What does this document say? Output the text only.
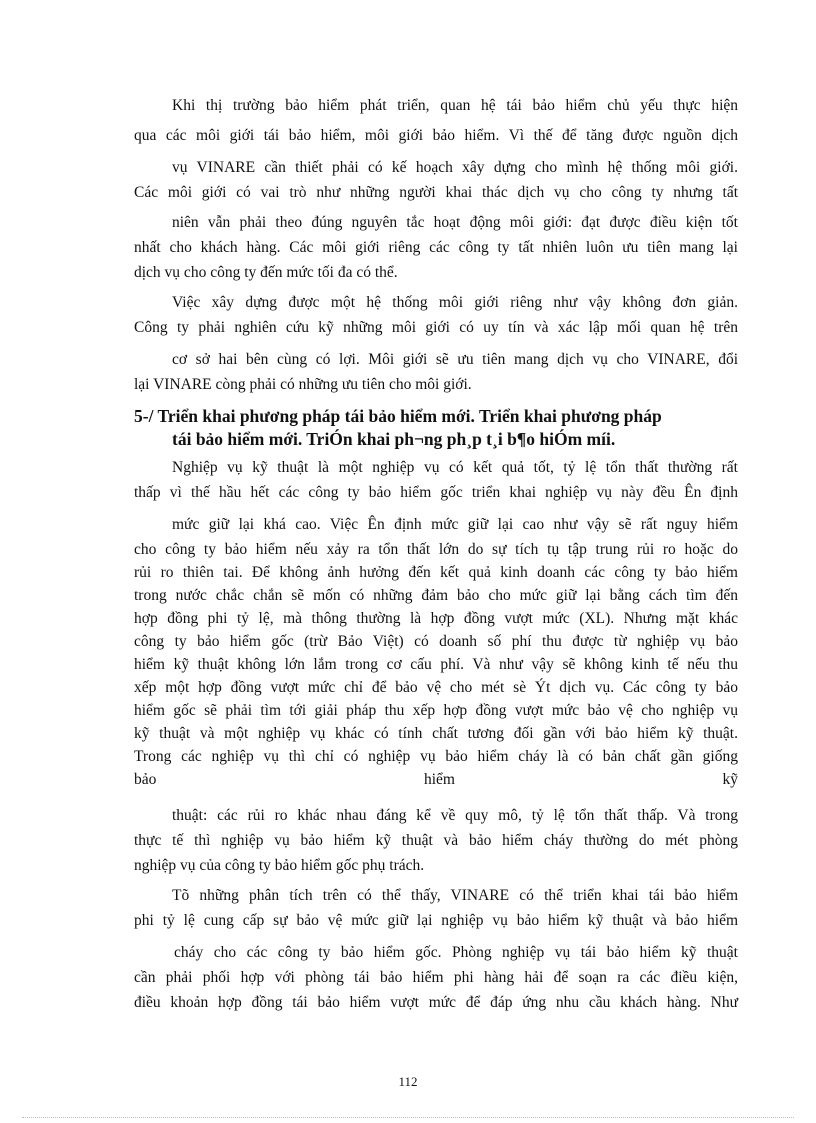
Khi thị trường bảo hiểm phát triển, quan hệ tái bảo hiểm chủ yếu thực hiện
qua các môi giới tái bảo hiểm, môi giới bảo hiểm. Vì thế để tăng được nguồn dịch
vụ VINARE cần thiết phải có kế hoạch xây dựng cho mình hệ thống môi giới.
Các môi giới có vai trò như những người khai thác dịch vụ cho công ty nhưng tất
niên vẫn phải theo đúng nguyên tắc hoạt động môi giới: đạt được điều kiện tốt
nhất cho khách hàng. Các môi giới riêng các công ty tất nhiên luôn ưu tiên mang lại
dịch vụ cho công ty đến mức tối đa có thể.
Việc xây dựng được một hệ thống môi giới riêng như vậy không đơn giản.
Công ty phải nghiên cứu kỹ những môi giới có uy tín và xác lập mối quan hệ trên
cơ sở hai bên cùng có lợi. Môi giới sẽ ưu tiên mang dịch vụ cho VINARE, đổi
lại VINARE còng phải có những ưu tiên cho môi giới.
5-/ Triển khai phương pháp tái bảo hiểm mới. Triển khai phương pháp
tái bảo hiểm mới. TriÓn khai ph¬ng ph¸p t¸i b¶o hiÓm míi.
Nghiệp vụ kỹ thuật là một nghiệp vụ có kết quả tốt, tỷ lệ tổn thất thường rất
thấp vì thế hầu hết các công ty bảo hiểm gốc triển khai nghiệp vụ này đều Ên định
mức giữ lại khá cao. Việc Ên định mức giữ lại cao như vậy sẽ rất nguy hiểm
cho công ty bảo hiểm nếu xảy ra tổn thất lớn do sự tích tụ tập trung rủi ro hoặc do
rủi ro thiên tai. Để không ảnh hưởng đến kết quả kinh doanh các công ty bảo hiểm
trong nước chắc chắn sẽ mốn có những đảm bảo cho mức giữ lại bằng cách tìm đến
hợp đồng phi tỷ lệ, mà thông thường là hợp đồng vượt mức (XL). Nhưng mặt khác
công ty bảo hiểm gốc (trừ Bảo Việt) có doanh số phí thu được từ nghiệp vụ bảo
hiểm kỹ thuật không lớn lắm trong cơ cấu phí. Và như vậy sẽ không kinh tế nếu thu
xếp một hợp đồng vượt mức chỉ để bảo vệ cho mét sè Ýt dịch vụ. Các công ty bảo
hiểm gốc sẽ phải tìm tới giải pháp thu xếp hợp đồng vượt mức bảo vệ cho nghiệp vụ
kỹ thuật và một nghiệp vụ khác có tính chất tương đối gần với bảo hiểm kỹ thuật.
Trong các nghiệp vụ thì chỉ có nghiệp vụ bảo hiểm cháy là có bản chất gần giống
bảo hiểm kỹ
thuật: các rủi ro khác nhau đáng kể về quy mô, tỷ lệ tổn thất thấp. Và trong
thực tế thì nghiệp vụ bảo hiểm kỹ thuật và bảo hiểm cháy thường do mét phòng
nghiệp vụ của công ty bảo hiểm gốc phụ trách.
Tõ những phân tích trên có thể thấy, VINARE có thể triển khai tái bảo hiểm
phi tỷ lệ cung cấp sự bảo vệ mức giữ lại nghiệp vụ bảo hiểm kỹ thuật và bảo hiểm
cháy cho các công ty bảo hiểm gốc. Phòng nghiệp vụ tái bảo hiểm kỹ thuật
cần phải phối hợp với phòng tái bảo hiểm phi hàng hải để soạn ra các điều kiện,
điều khoản hợp đồng tái bảo hiểm vượt mức để đáp ứng nhu cầu khách hàng. Như
112
